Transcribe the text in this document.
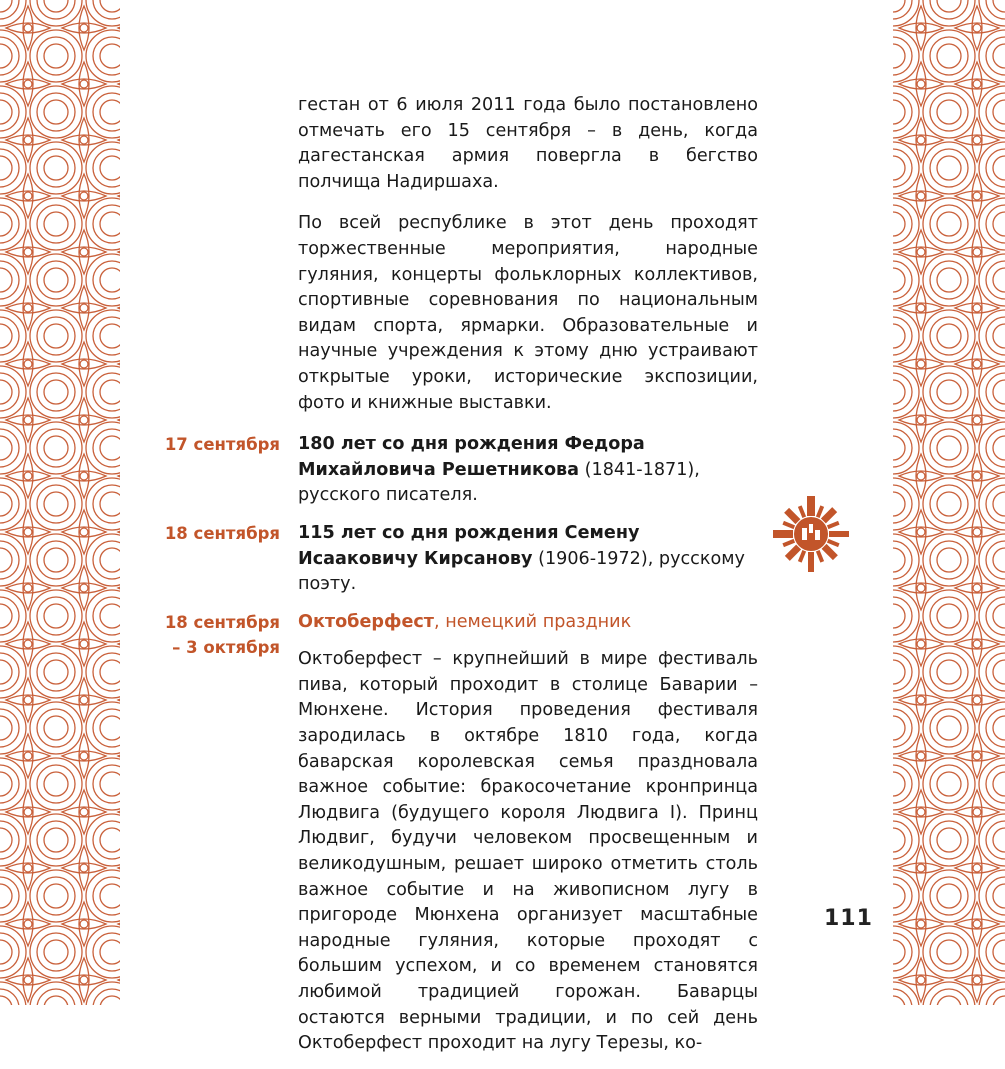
гестан от 6 июля 2011 года было постановлено отмечать его 15 сентября – в день, когда дагестанская армия повергла в бегство полчища Надиршаха.

По всей республике в этот день проходят торжественные мероприятия, народные гуляния, концерты фольклорных коллективов, спортивные соревнования по национальным видам спорта, ярмарки. Образовательные и научные учреждения к этому дню устраивают открытые уроки, исторические экспозиции, фото и книжные выставки.

17 сентября 180 лет со дня рождения Федора Михайловича Решетникова (1841-1871), русского писателя.

18 сентября 115 лет со дня рождения Семену Исааковичу Кирсанову (1906-1972), русскому поэту.

18 сентября
– 3 октября

Октоберфест, немецкий праздник

Октоберфест – крупнейший в мире фестиваль пива, который проходит в столице Баварии – Мюнхене. История проведения фестиваля зародилась в октябре 1810 года, когда баварская королевская семья праздновала важное событие: бракосочетание кронпринца Людвига (будущего короля Людвига I). Принц Людвиг, будучи человеком просвещенным и великодушным, решает широко отметить столь важное событие и на живописном лугу в пригороде Мюнхена организует масштабные народные гуляния, которые проходят с большим успехом, и со временем становятся любимой традицией горожан. Баварцы остаются верными традиции, и по сей день Октоберфест проходит на лугу Терезы, ко-

111
